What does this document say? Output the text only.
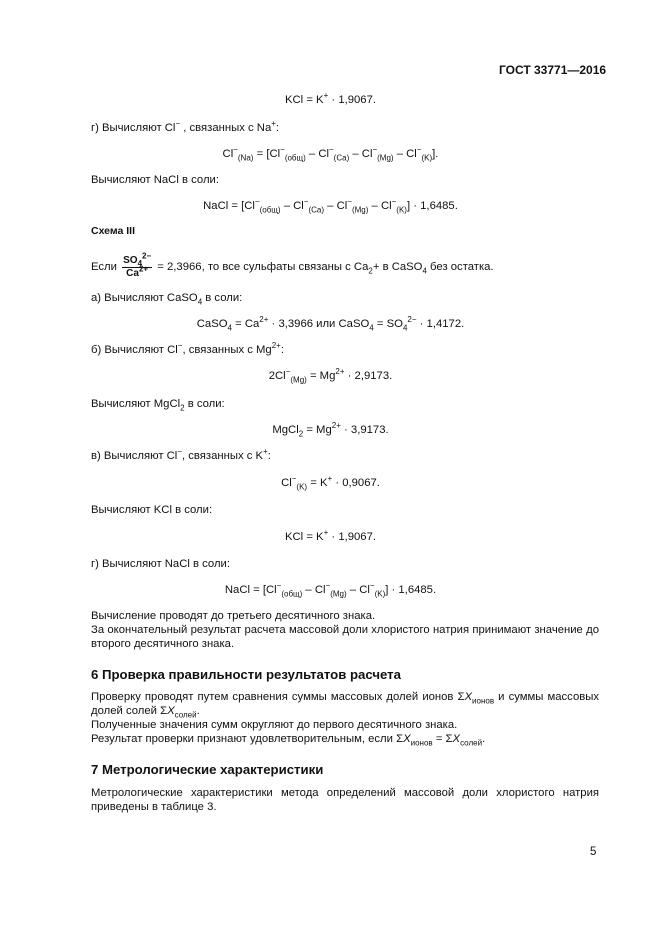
ГОСТ 33771—2016
KCl = K+ · 1,9067.
г) Вычисляют Cl− , связанных с Na+:
$Cl^-_{(Na)} = [Cl^-_{(общ)} - Cl^-_{(Ca)} - Cl^-_{(Mg)} - Cl^-_{(K)}]$.
Вычисляют NaCl в соли:
NaCl = $[Cl^-_{(общ)} - Cl^-_{(Ca)} - Cl^-_{(Mg)} - Cl^-_{(K)}] \cdot 1,6485$.
Схема III
Если $\frac{SO_4^{2-}}{Ca^{2+}} = 2,3966$, то все сульфаты связаны с $Ca_2+ в$ CaSO$_4$ без остатка.
а) Вычисляют CaSO$_4$ в соли:
CaSO$_4$ = $Ca^{2+} \cdot 3,3966$ или CaSO$_4$ = $SO_4^{2-} \cdot 1,4172$.
б) Вычисляют Cl−, связанных с $Mg^{2+}$:
$2Cl^-_{(Mg)} = Mg^{2+} \cdot 2,9173$.
Вычисляют MgCl$_2$ в соли:
MgCl$_2$ = $Mg^{2+} \cdot 3,9173$.
в) Вычисляют Cl−, связанных с K+:
$Cl^-_{(K)} = K^+ \cdot 0,9067$.
Вычисляют KCl в соли:
KCl = K+ · 1,9067.
г) Вычисляют NaCl в соли:
NaCl = $[Cl^-_{(общ)} - Cl^-_{(Mg)} - Cl^-_{(K)}] \cdot 1,6485$.
Вычисление проводят до третьего десятичного знака.
За окончательный результат расчета массовой доли хлористого натрия принимают значение до второго десятичного знака.
6 Проверка правильности результатов расчета
Проверку проводят путем сравнения суммы массовых долей ионов $\Sigma X_{ионов}$ и суммы массовых долей солей $\Sigma X_{солей}$.
Полученные значения сумм округляют до первого десятичного знака.
Результат проверки признают удовлетворительным, если $\Sigma X_{ионов} = \Sigma X_{солей}$.
7 Метрологические характеристики
Метрологические характеристики метода определений массовой доли хлористого натрия приведены в таблице 3.
5
